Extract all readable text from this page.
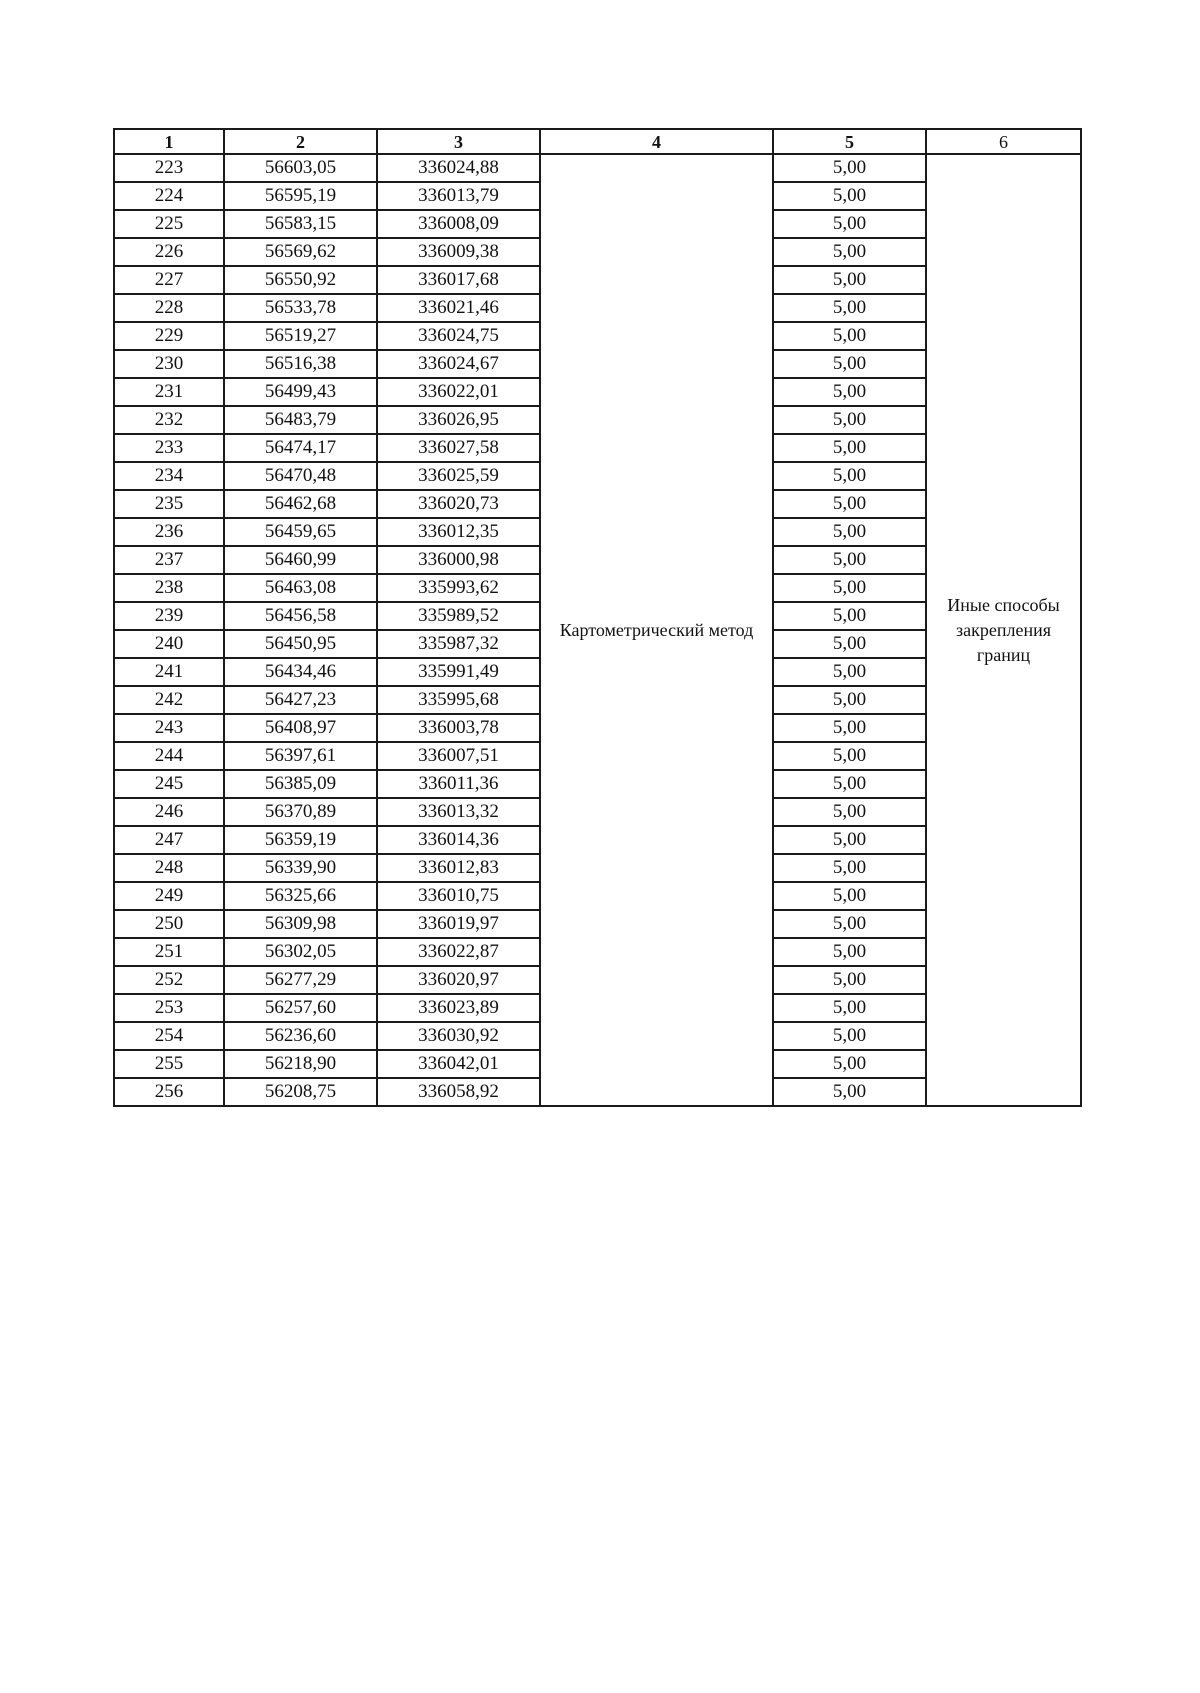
1	2	3	4	5	6
223	56603,05	336024,88	Картометрический метод	5,00	Иные способы закрепления границ
224	56595,19	336013,79		5,00	
225	56583,15	336008,09		5,00	
226	56569,62	336009,38		5,00	
227	56550,92	336017,68		5,00	
228	56533,78	336021,46		5,00	
229	56519,27	336024,75		5,00	
230	56516,38	336024,67		5,00	
231	56499,43	336022,01		5,00	
232	56483,79	336026,95		5,00	
233	56474,17	336027,58		5,00	
234	56470,48	336025,59		5,00	
235	56462,68	336020,73		5,00	
236	56459,65	336012,35		5,00	
237	56460,99	336000,98		5,00	
238	56463,08	335993,62		5,00	
239	56456,58	335989,52		5,00	
240	56450,95	335987,32		5,00	
241	56434,46	335991,49		5,00	
242	56427,23	335995,68		5,00	
243	56408,97	336003,78		5,00	
244	56397,61	336007,51		5,00	
245	56385,09	336011,36		5,00	
246	56370,89	336013,32		5,00	
247	56359,19	336014,36		5,00	
248	56339,90	336012,83		5,00	
249	56325,66	336010,75		5,00	
250	56309,98	336019,97		5,00	
251	56302,05	336022,87		5,00	
252	56277,29	336020,97		5,00	
253	56257,60	336023,89		5,00	
254	56236,60	336030,92		5,00	
255	56218,90	336042,01		5,00	
256	56208,75	336058,92		5,00	
